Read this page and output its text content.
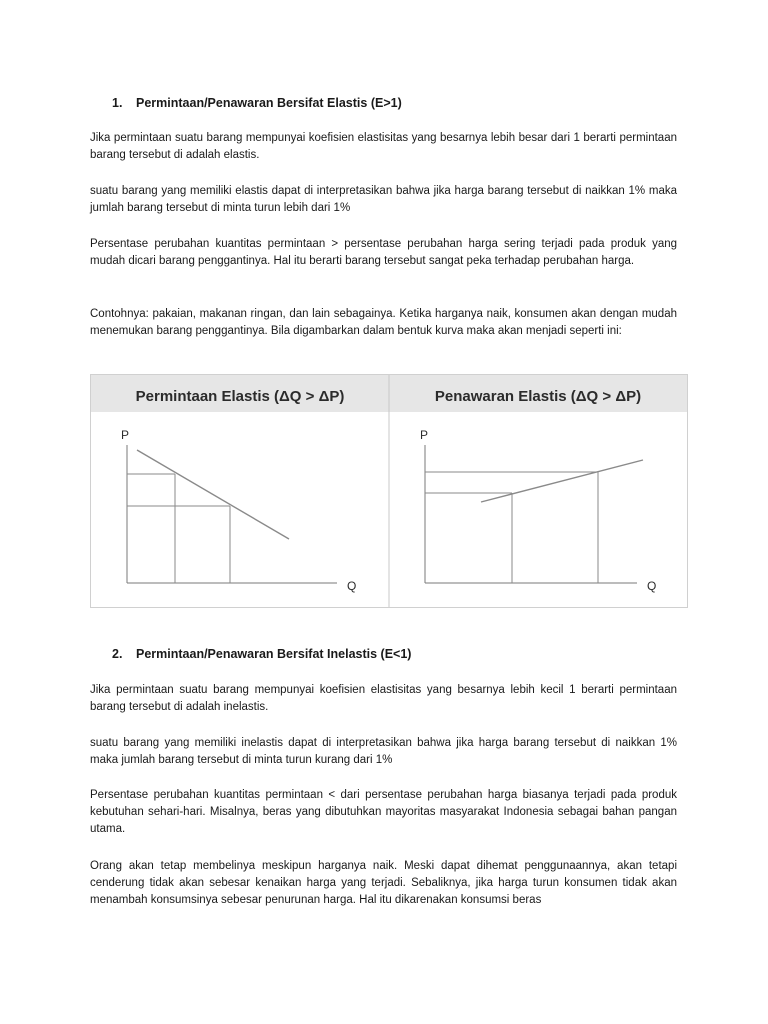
1.	Permintaan/Penawaran Bersifat Elastis (E>1)

Jika permintaan suatu barang mempunyai koefisien elastisitas yang besarnya lebih besar dari 1 berarti permintaan barang tersebut di adalah elastis.

suatu barang yang memiliki elastis dapat di interpretasikan bahwa jika harga barang tersebut di naikkan 1% maka jumlah barang tersebut di minta turun lebih dari 1%

Persentase perubahan kuantitas permintaan > persentase perubahan harga sering terjadi pada produk yang mudah dicari barang penggantinya. Hal itu berarti barang tersebut sangat peka terhadap perubahan harga.

Contohnya: pakaian, makanan ringan, dan lain sebagainya. Ketika harganya naik, konsumen akan dengan mudah menemukan barang penggantinya. Bila digambarkan dalam bentuk kurva maka akan menjadi seperti ini:

Permintaan Elastis (ΔQ > ΔP)	Penawaran Elastis (ΔQ > ΔP)
P
Q
P
Q

2.	Permintaan/Penawaran Bersifat Inelastis (E<1)

Jika permintaan suatu barang mempunyai koefisien elastisitas yang besarnya lebih kecil 1 berarti permintaan barang tersebut di adalah inelastis.

suatu barang yang memiliki inelastis dapat di interpretasikan bahwa jika harga barang tersebut di naikkan 1% maka jumlah barang tersebut di minta turun kurang dari 1%

Persentase perubahan kuantitas permintaan < dari persentase perubahan harga biasanya terjadi pada produk kebutuhan sehari-hari. Misalnya, beras yang dibutuhkan mayoritas masyarakat Indonesia sebagai bahan pangan utama.

Orang akan tetap membelinya meskipun harganya naik. Meski dapat dihemat penggunaannya, akan tetapi cenderung tidak akan sebesar kenaikan harga yang terjadi. Sebaliknya, jika harga turun konsumen tidak akan menambah konsumsinya sebesar penurunan harga. Hal itu dikarenakan konsumsi beras
